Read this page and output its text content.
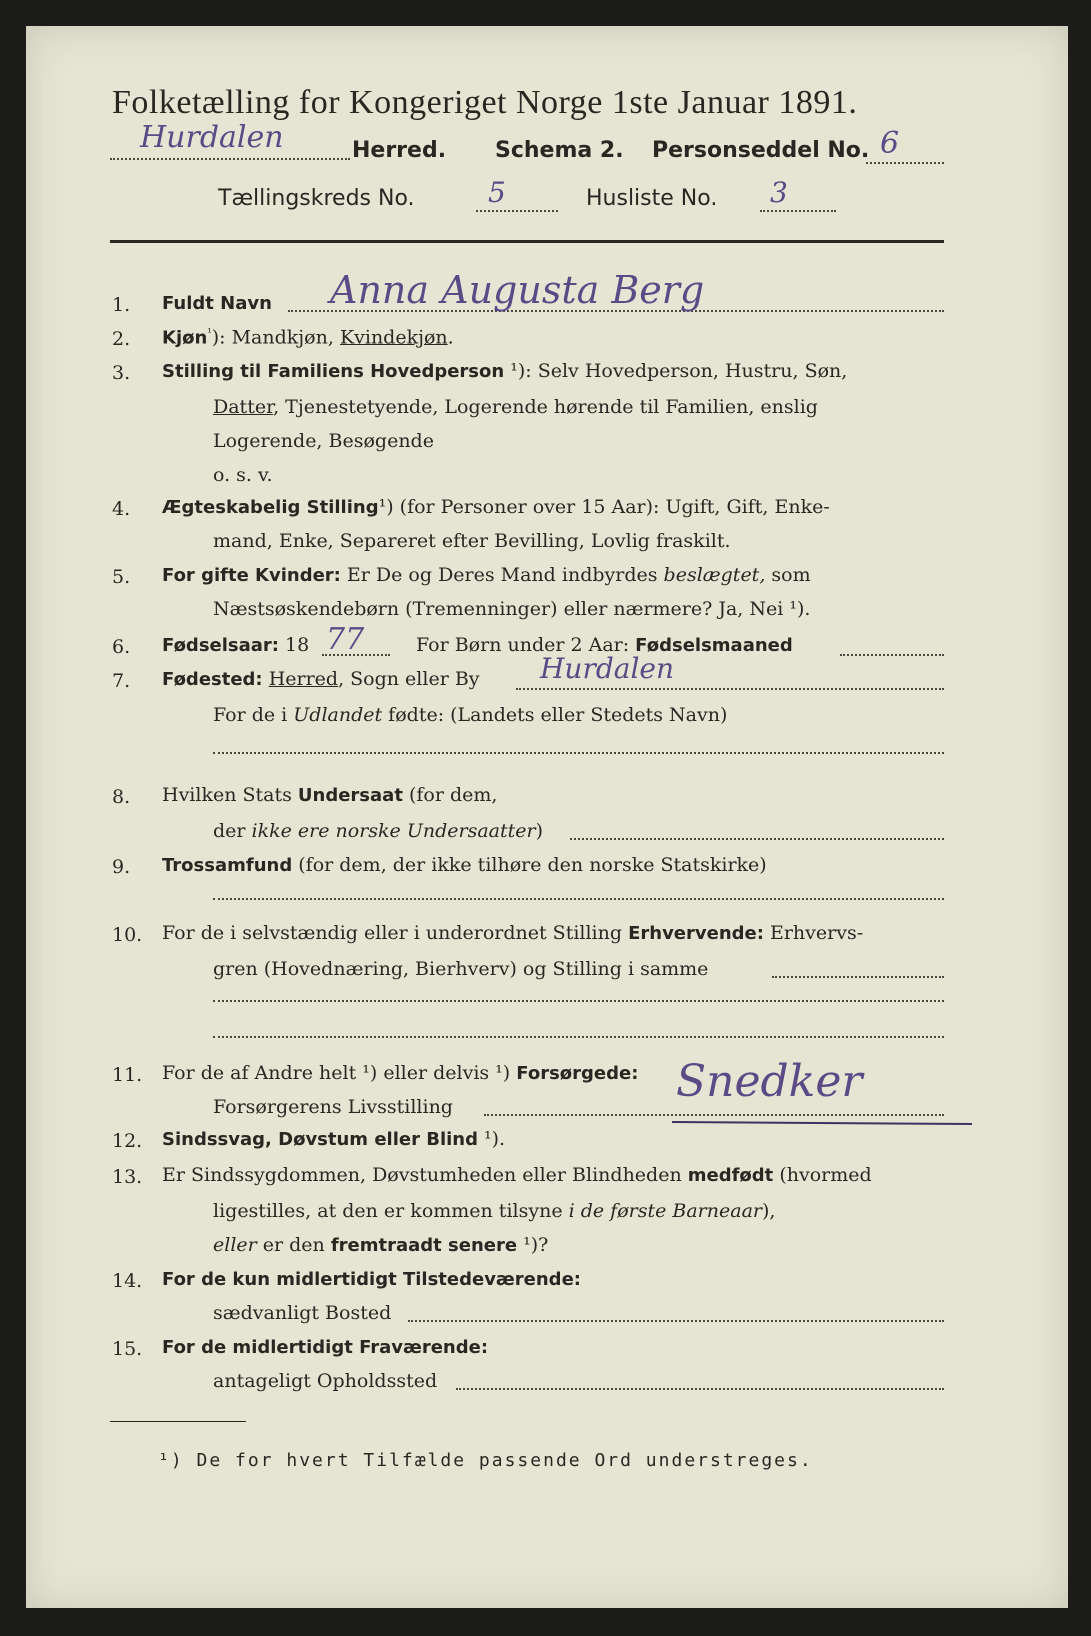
Folketælling for Kongeriget Norge 1ste Januar 1891.
Hurdalen	Herred. Schema 2. Personseddel No. 6
Tællingskreds No.	5	Husliste No. 3
1.	Fuldt Navn Anna Augusta Berg
2.	Kjøn$^{^1}$): Mandkjøn, Kvindekjøn.
3.	Stilling til Familiens Hovedperson ¹): Selv Hovedperson, Hustru, Søn,
Datter, Tjenestetyende, Logerende hørende til Familien, enslig
Logerende, Besøgende
o. s. v.
4.	Ægteskabelig Stilling¹) (for Personer over 15 Aar): Ugift, Gift, Enke-
mand, Enke, Separeret efter Bevilling, Lovlig fraskilt.
5.	For gifte Kvinder: Er De og Deres Mand indbyrdes beslægtet, som
Næstsøskendebørn (Tremenninger) eller nærmere? Ja, Nei ¹).
6.	Fødselsaar: 18 77	For Børn under 2 Aar: Fødselsmaaned
7.	Fødested: Herred, Sogn eller By Hurdalen
For de i Udlandet fødte: (Landets eller Stedets Navn)
8.	Hvilken Stats Undersaat (for dem,
der ikke ere norske Undersaatter)
9.	Trossamfund (for dem, der ikke tilhøre den norske Statskirke)
10.	For de i selvstændig eller i underordnet Stilling Erhvervende: Erhvervs-
gren (Hovednæring, Bierhverv) og Stilling i samme
11.	For de af Andre helt ¹) eller delvis ¹) Forsørgede:
Forsørgerens Livsstilling	Snedker
12.	Sindssvag, Døvstum eller Blind ¹).
13.	Er Sindssygdommen, Døvstumheden eller Blindheden medfødt (hvormed
ligestilles, at den er kommen tilsyne i de første Barneaar),
eller er den fremtraadt senere ¹)?
14.	For de kun midlertidigt Tilstedeværende:
sædvanligt Bosted
15.	For de midlertidigt Fraværende:
antageligt Opholdssted
¹) De for hvert Tilfælde passende Ord understreges.
